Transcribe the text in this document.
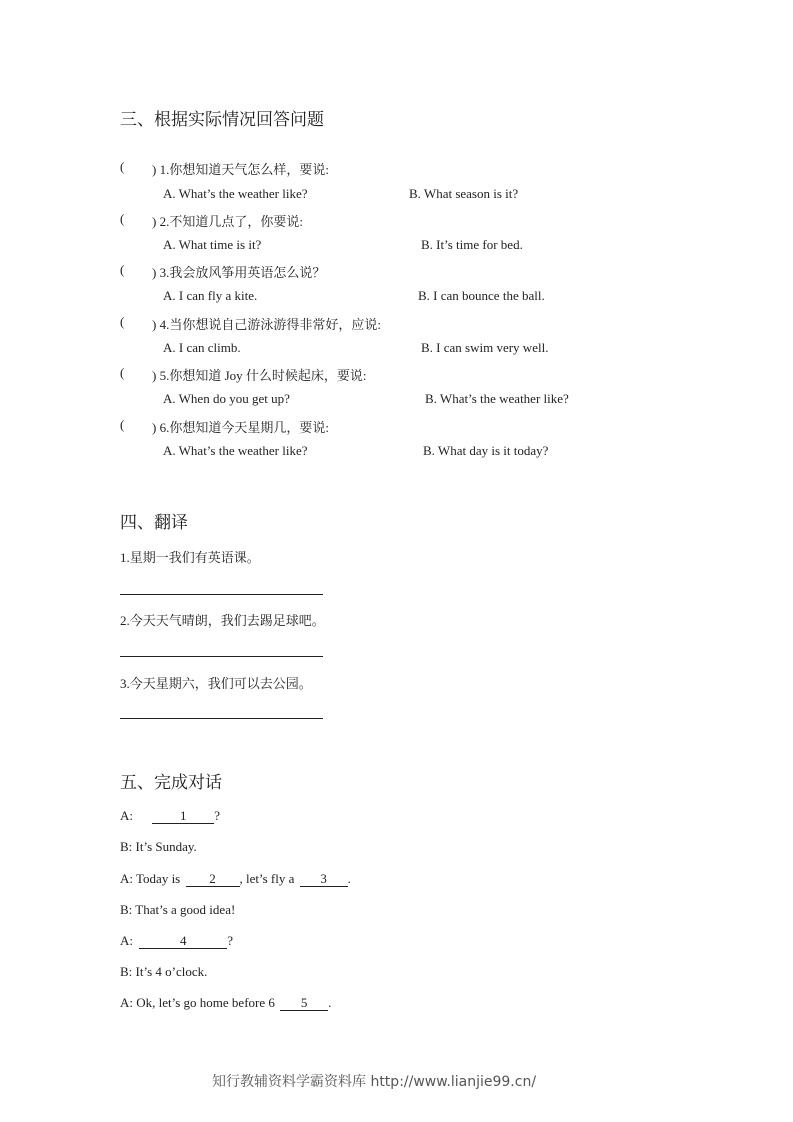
三、根据实际情况回答问题
( ) 1.你想知道天气怎么样，要说:
A. What’s the weather like?	B. What season is it?
( ) 2.不知道几点了，你要说:
A. What time is it?	B. It’s time for bed.
( ) 3.我会放风筝用英语怎么说？
A. I can fly a kite.	B. I can bounce the ball.
( ) 4.当你想说自己游泳游得非常好，应说:
A. I can climb.	B. I can swim very well.
( ) 5.你想知道 Joy 什么时候起床，要说:
A. When do you get up?	B. What’s the weather like?
( ) 6.你想知道今天星期几，要说:
A. What’s the weather like?	B. What day is it today?
四、翻译
1.星期一我们有英语课。
2.今天天气晴朗，我们去踢足球吧。
3.今天星期六，我们可以去公园。
五、完成对话
A:	1 ?
B: It’s Sunday.
A: Today is 2 , let’s fly a 3 .
B: That’s a good idea!
A:	4	?
B: It’s 4 o’clock.
A: Ok, let’s go home before 6 5 .
知行教辅资料学霸资料库 http://www.lianjie99.cn/
